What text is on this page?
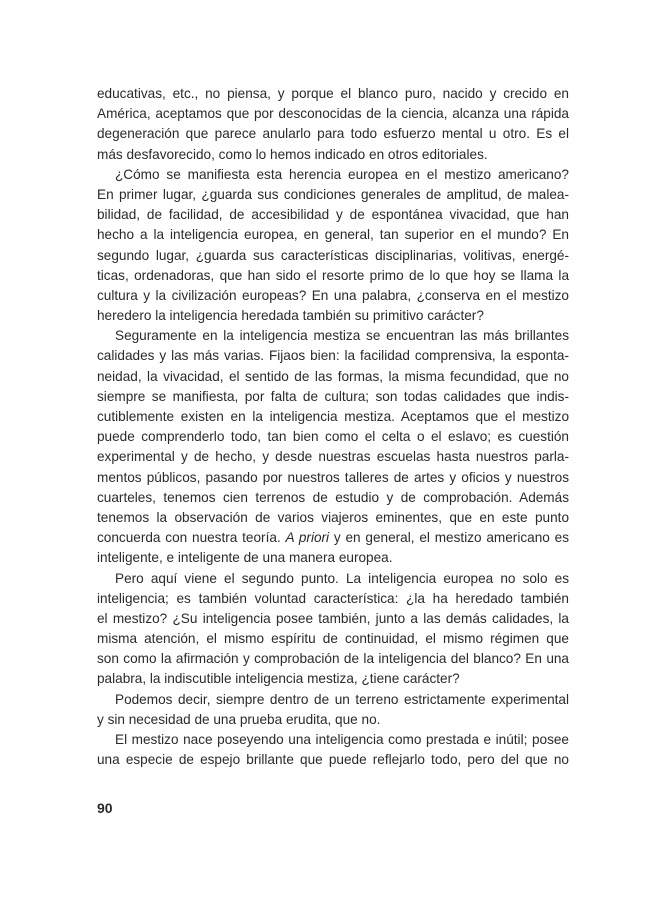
educativas, etc., no piensa, y porque el blanco puro, nacido y crecido en
América, aceptamos que por desconocidas de la ciencia, alcanza una rápida
degeneración que parece anularlo para todo esfuerzo mental u otro. Es el
más desfavorecido, como lo hemos indicado en otros editoriales.
¿Cómo se manifiesta esta herencia europea en el mestizo americano?
En primer lugar, ¿guarda sus condiciones generales de amplitud, de malea-
bilidad, de facilidad, de accesibilidad y de espontánea vivacidad, que han
hecho a la inteligencia europea, en general, tan superior en el mundo? En
segundo lugar, ¿guarda sus características disciplinarias, volitivas, energé-
ticas, ordenadoras, que han sido el resorte primo de lo que hoy se llama la
cultura y la civilización europeas? En una palabra, ¿conserva en el mestizo
heredero la inteligencia heredada también su primitivo carácter?
Seguramente en la inteligencia mestiza se encuentran las más brillantes
calidades y las más varias. Fijaos bien: la facilidad comprensiva, la esponta-
neidad, la vivacidad, el sentido de las formas, la misma fecundidad, que no
siempre se manifiesta, por falta de cultura; son todas calidades que indis-
cutiblemente existen en la inteligencia mestiza. Aceptamos que el mestizo
puede comprenderlo todo, tan bien como el celta o el eslavo; es cuestión
experimental y de hecho, y desde nuestras escuelas hasta nuestros parla-
mentos públicos, pasando por nuestros talleres de artes y oficios y nuestros
cuarteles, tenemos cien terrenos de estudio y de comprobación. Además
tenemos la observación de varios viajeros eminentes, que en este punto
concuerda con nuestra teoría. A priori y en general, el mestizo americano es
inteligente, e inteligente de una manera europea.
Pero aquí viene el segundo punto. La inteligencia europea no solo es
inteligencia; es también voluntad característica: ¿la ha heredado también
el mestizo? ¿Su inteligencia posee también, junto a las demás calidades, la
misma atención, el mismo espíritu de continuidad, el mismo régimen que
son como la afirmación y comprobación de la inteligencia del blanco? En una
palabra, la indiscutible inteligencia mestiza, ¿tiene carácter?
Podemos decir, siempre dentro de un terreno estrictamente experimental
y sin necesidad de una prueba erudita, que no.
El mestizo nace poseyendo una inteligencia como prestada e inútil; posee
una especie de espejo brillante que puede reflejarlo todo, pero del que no
90
